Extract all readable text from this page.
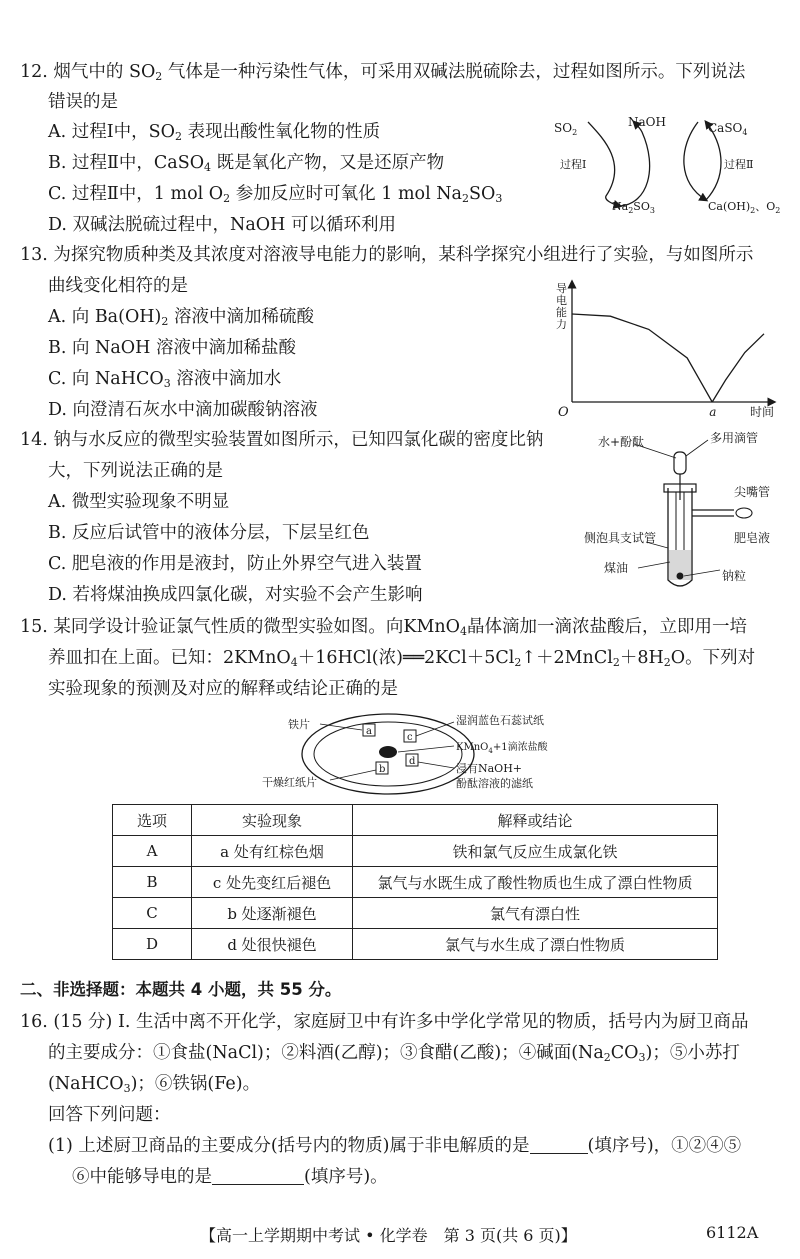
12. 烟气中的 $SO_2$ 气体是一种污染性气体，可采用双碱法脱硫除去，过程如图所示。下列说法
错误的是
A. 过程Ⅰ中，$SO_2$ 表现出酸性氧化物的性质
B. 过程Ⅱ中，CaSO$_4$ 既是氧化产物，又是还原产物
C. 过程Ⅱ中，1 mol $O_2$ 参加反应时可氧化 1 mol $Na_2SO_3$
D. 双碱法脱硫过程中，NaOH 可以循环利用
$SO_2$
NaOH	CaSO$_4$
过程Ⅰ	过程Ⅱ
$Na_2SO_3$	$Ca(OH)_2$、$O_2$
13. 为探究物质种类及其浓度对溶液导电能力的影响，某科学探究小组进行了实验，与如图所示
曲线变化相符的是
A. 向 $Ba(OH)_2$ 溶液中滴加稀硫酸
B. 向 NaOH 溶液中滴加稀盐酸
C. 向 NaHCO$_3$ 溶液中滴加水
D. 向澄清石灰水中滴加碳酸钠溶液	O	a	时间
导电能力
14. 钠与水反应的微型实验装置如图所示，已知四氯化碳的密度比钠
大，下列说法正确的是
A. 微型实验现象不明显
B. 反应后试管中的液体分层，下层呈红色
C. 肥皂液的作用是液封，防止外界空气进入装置
D. 若将煤油换成四氯化碳，对实验不会产生影响
水+酚酞	多用滴管
尖嘴管
侧泡具支试管	肥皂液
煤油
钠粒
15. 某同学设计验证氯气性质的微型实验如图。向KMnO$_4$晶体滴加一滴浓盐酸后，立即用一培
养皿扣在上面。已知：2KMnO$_4$＋16HCl(浓)$══2KCl+5Cl_2↑+2MnCl_2+8H_2O$。下列对
实验现象的预测及对应的解释或结论正确的是
a
c
b
d
铁片	湿润蓝色石蕊试纸
KMnO$_4$+1滴浓盐酸
浸有NaOH+
酚酞溶液的滤纸
干燥红纸片
选项	实验现象	解释或结论
A	a 处有红棕色烟	铁和氯气反应生成氯化铁
B	c 处先变红后褪色	氯气与水既生成了酸性物质也生成了漂白性物质
C	b 处逐渐褪色	氯气有漂白性
D	d 处很快褪色	氯气与水生成了漂白性物质
二、非选择题：本题共 4 小题，共 55 分。
16. (15 分) Ⅰ. 生活中离不开化学，家庭厨卫中有许多中学化学常见的物质，括号内为厨卫商品
的主要成分：①食盐(NaCl)；②料酒(乙醇)；③食醋(乙酸)；④碱面$(Na_2CO_3)$；⑤小苏打
(NaHCO$_3$)；⑥铁锅(Fe)。
回答下列问题：
(1) 上述厨卫商品的主要成分(括号内的物质)属于非电解质的是	(填序号)，①②④⑤
⑥中能够导电的是	(填序号)。
【高一上学期期中考试 • 化学卷　第 3 页(共 6 页)】	6112A
